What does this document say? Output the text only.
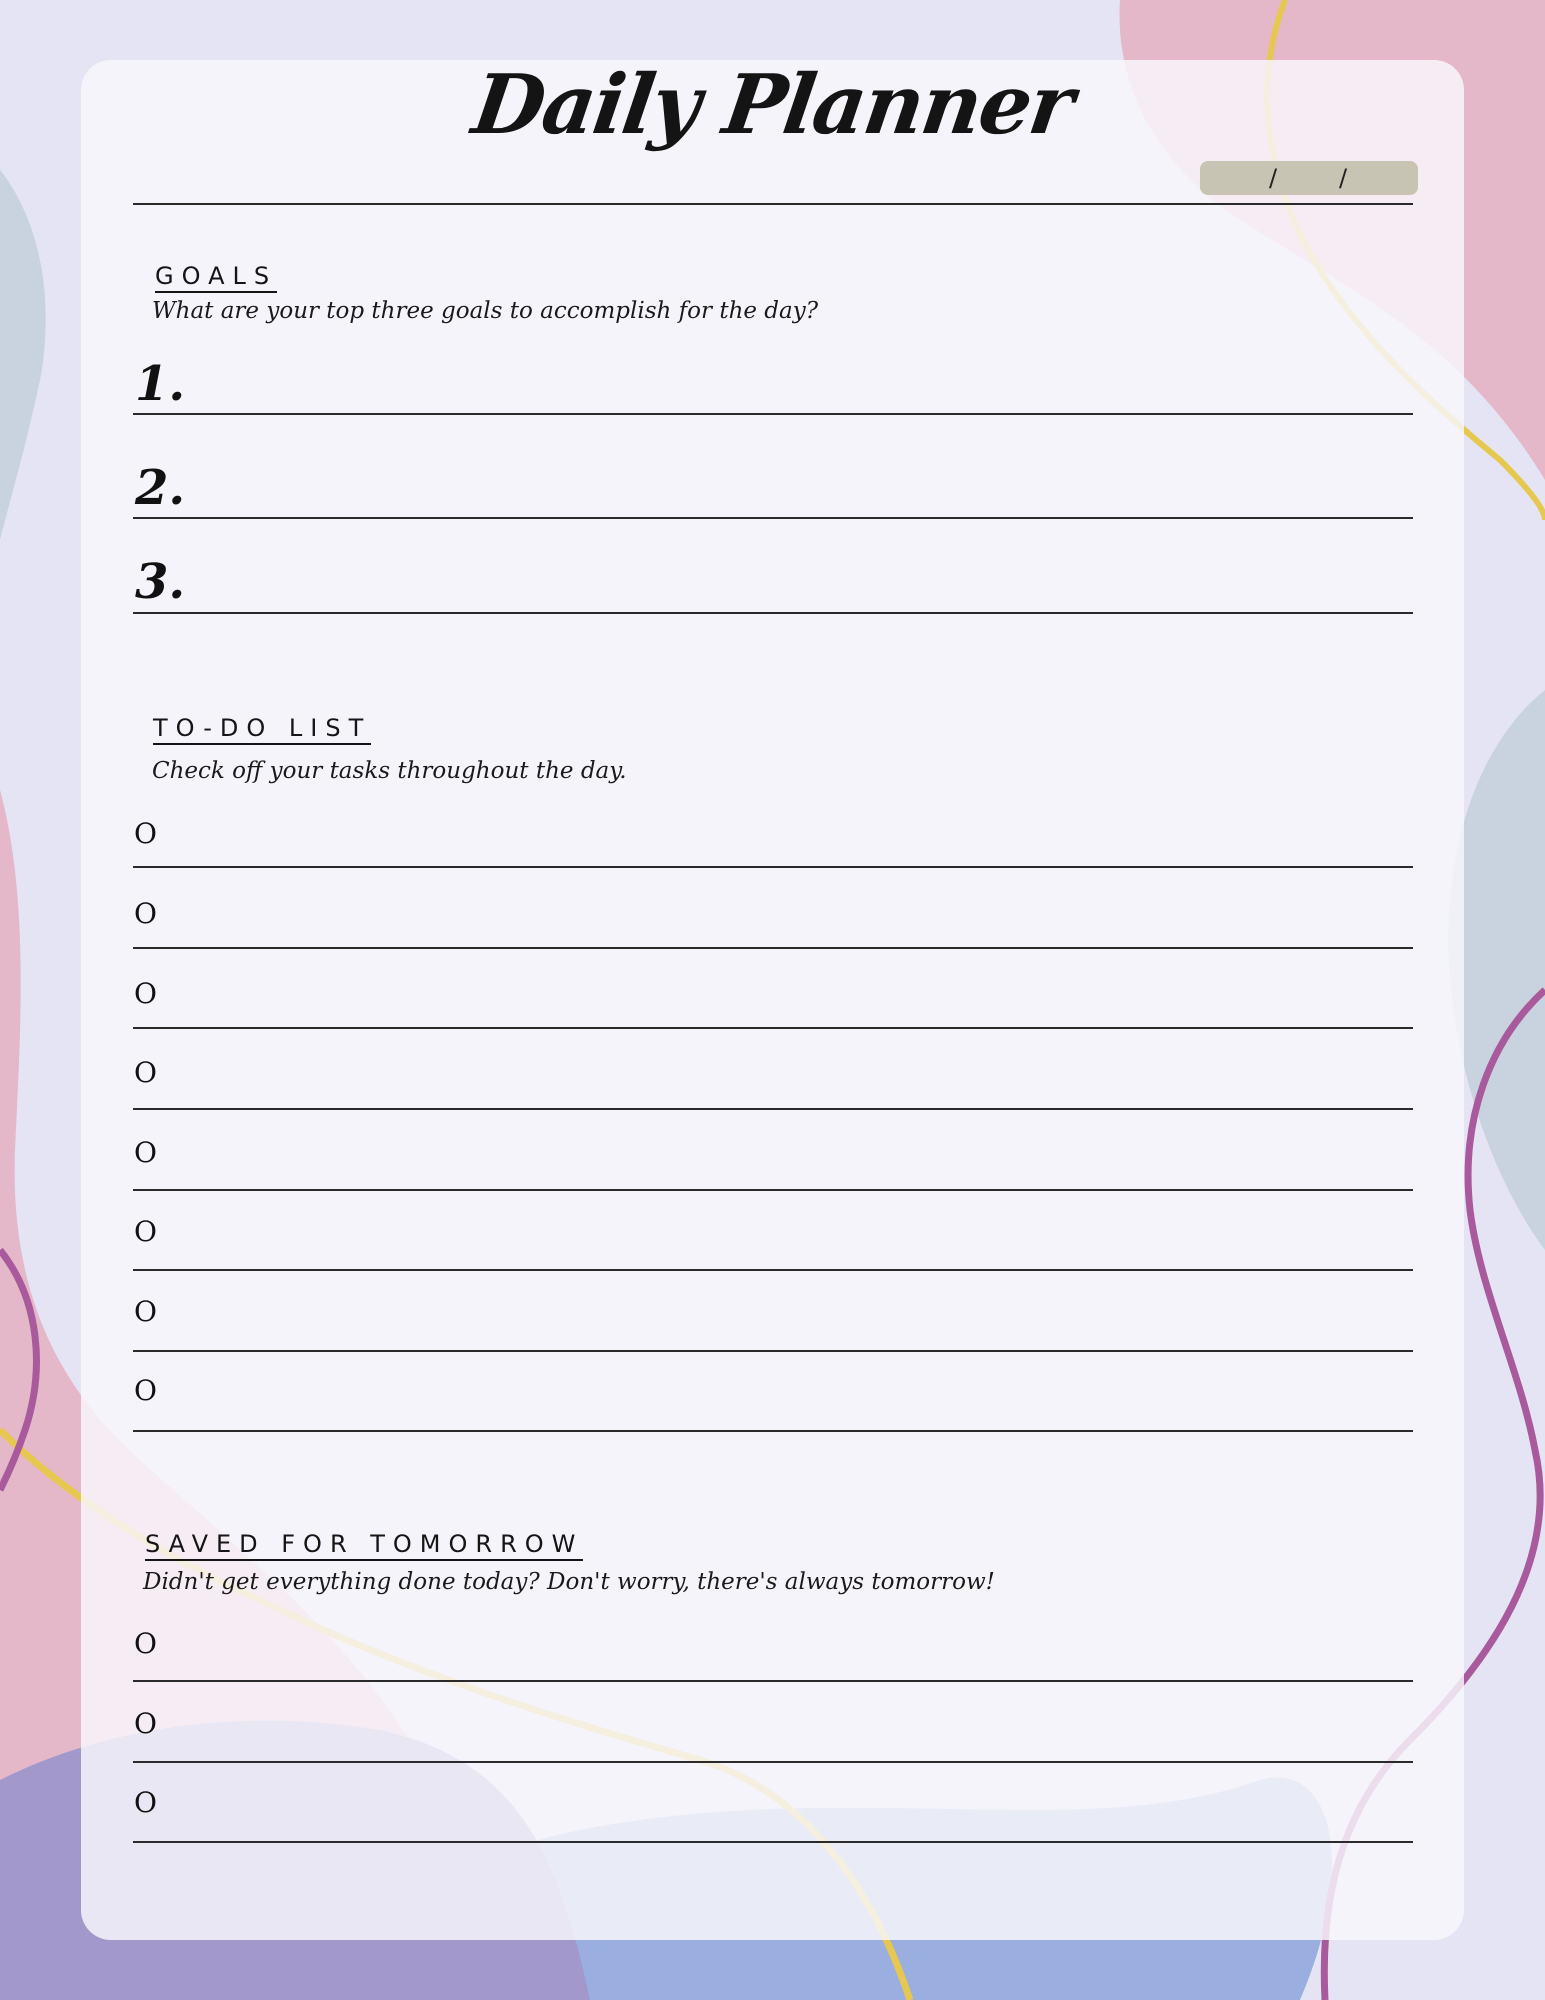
Daily Planner
/	/
GOALS
What are your top three goals to accomplish for the day?
1.
2.
3.
TO-DO LIST
Check off your tasks throughout the day.
O
O
O
O
O
O
O
O
SAVED FOR TOMORROW
Didn't get everything done today? Don't worry, there's always tomorrow!
O
O
O
